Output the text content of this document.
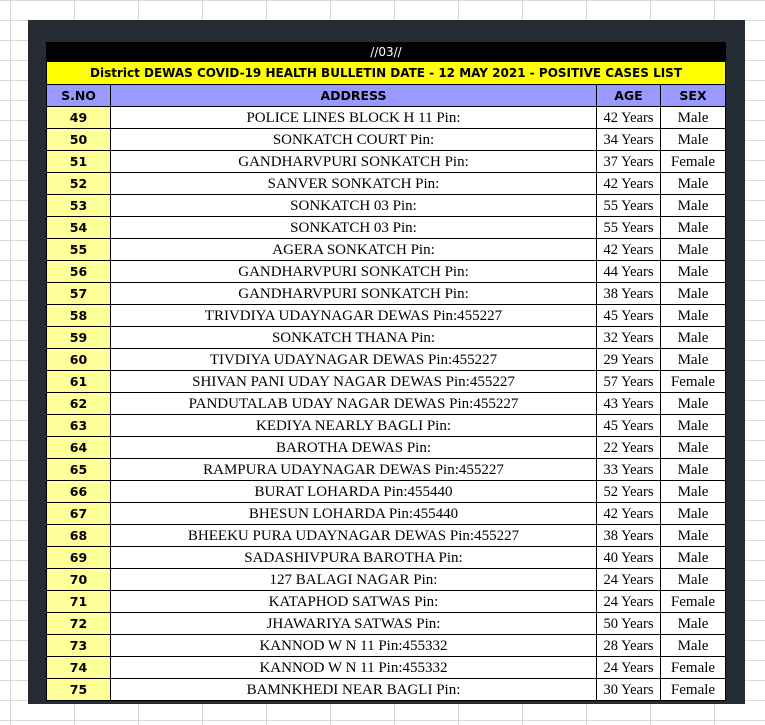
//03//			
District DEWAS COVID-19 HEALTH BULLETIN DATE - 12 MAY 2021 - POSITIVE CASES LIST			
S.NO	ADDRESS	AGE	SEX
49	POLICE LINES BLOCK H 11 Pin:	42 Years	Male
50	SONKATCH COURT Pin:	34 Years	Male
51	GANDHARVPURI SONKATCH Pin:	37 Years	Female
52	SANVER SONKATCH Pin:	42 Years	Male
53	SONKATCH 03 Pin:	55 Years	Male
54	SONKATCH 03 Pin:	55 Years	Male
55	AGERA SONKATCH Pin:	42 Years	Male
56	GANDHARVPURI SONKATCH Pin:	44 Years	Male
57	GANDHARVPURI SONKATCH Pin:	38 Years	Male
58	TRIVDIYA UDAYNAGAR DEWAS Pin:455227	45 Years	Male
59	SONKATCH THANA Pin:	32 Years	Male
60	TIVDIYA UDAYNAGAR DEWAS Pin:455227	29 Years	Male
61	SHIVAN PANI UDAY NAGAR DEWAS Pin:455227	57 Years	Female
62	PANDUTALAB UDAY NAGAR DEWAS Pin:455227	43 Years	Male
63	KEDIYA NEARLY BAGLI Pin:	45 Years	Male
64	BAROTHA DEWAS Pin:	22 Years	Male
65	RAMPURA UDAYNAGAR DEWAS Pin:455227	33 Years	Male
66	BURAT LOHARDA Pin:455440	52 Years	Male
67	BHESUN LOHARDA Pin:455440	42 Years	Male
68	BHEEKU PURA UDAYNAGAR DEWAS Pin:455227	38 Years	Male
69	SADASHIVPURA BAROTHA Pin:	40 Years	Male
70	127 BALAGI NAGAR Pin:	24 Years	Male
71	KATAPHOD SATWAS Pin:	24 Years	Female
72	JHAWARIYA SATWAS Pin:	50 Years	Male
73	KANNOD W N 11 Pin:455332	28 Years	Male
74	KANNOD W N 11 Pin:455332	24 Years	Female
75	BAMNKHEDI NEAR BAGLI Pin:	30 Years	Female
